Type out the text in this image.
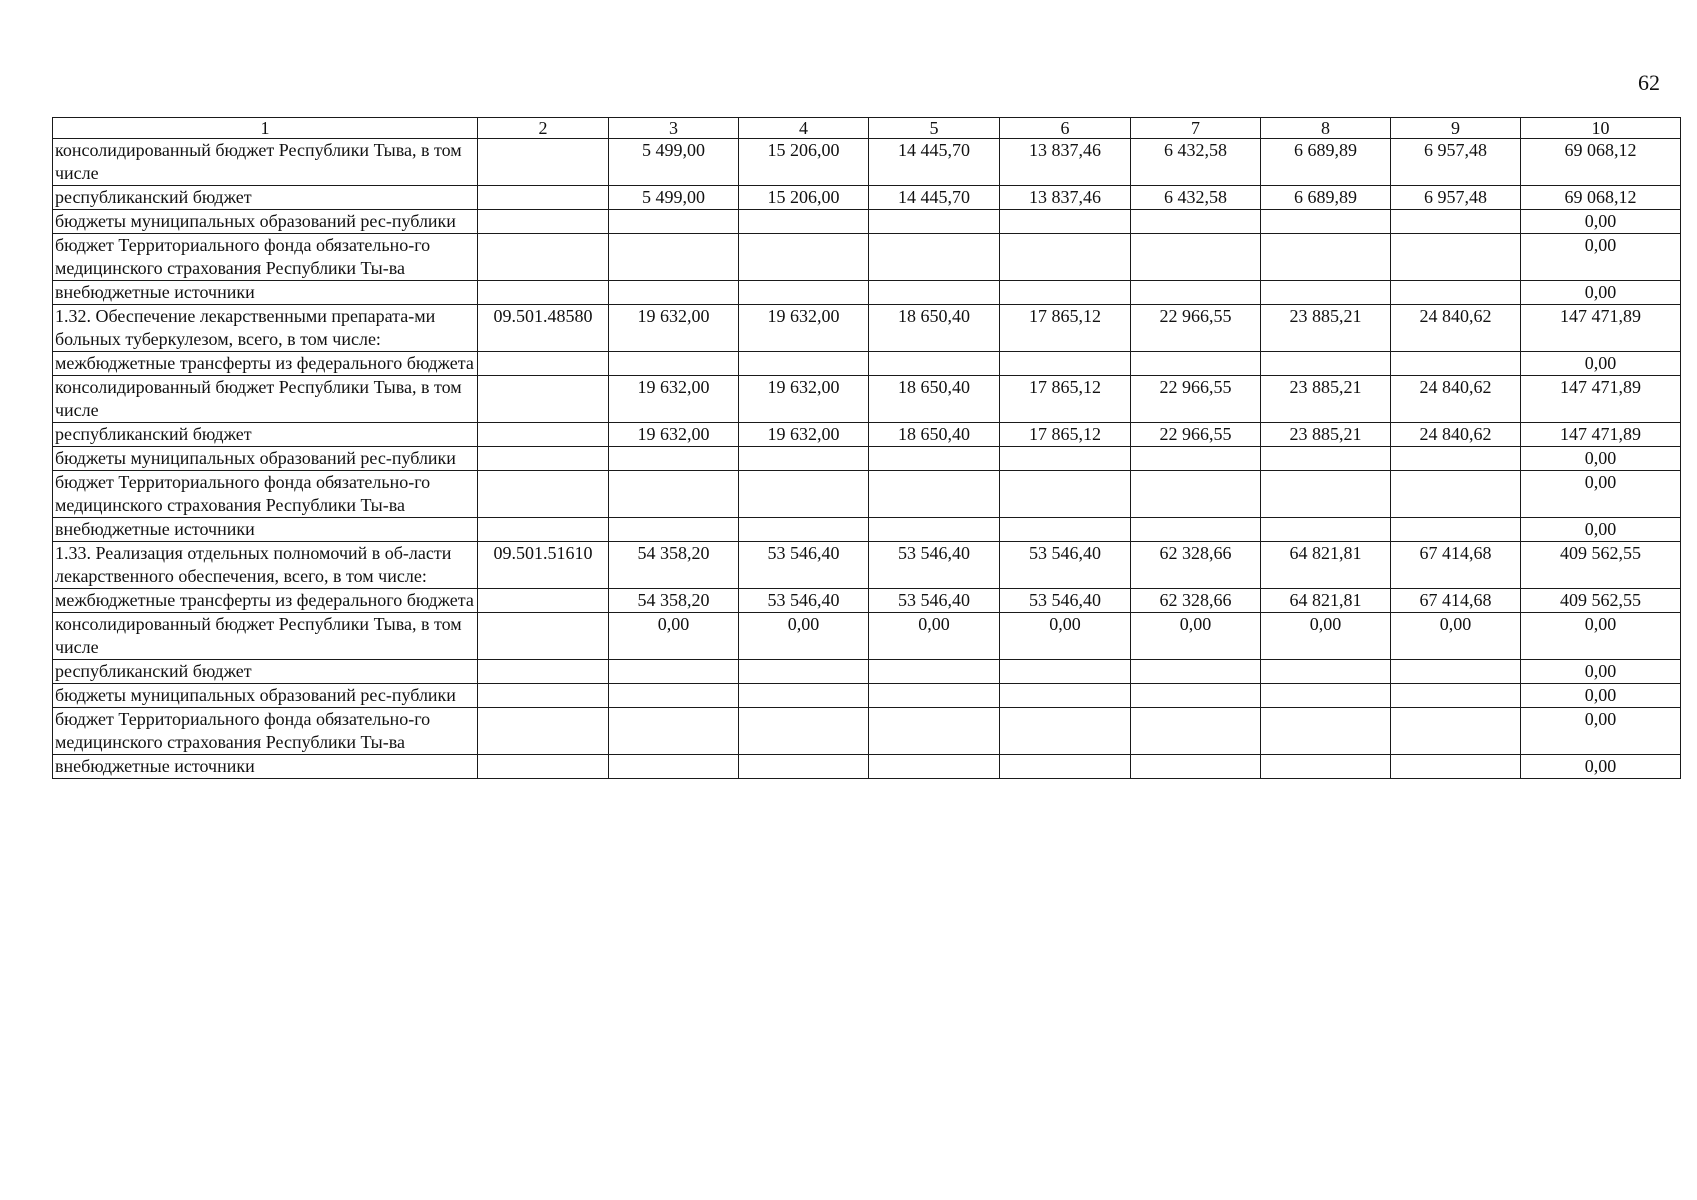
62
1	2	3	4	5	6	7	8	9	10
консолидированный бюджет Республики Тыва, в том числе		5 499,00	15 206,00	14 445,70	13 837,46	6 432,58	6 689,89	6 957,48	69 068,12
республиканский бюджет		5 499,00	15 206,00	14 445,70	13 837,46	6 432,58	6 689,89	6 957,48	69 068,12
бюджеты муниципальных образований рес-публики									0,00
бюджет Территориального фонда обязательно-го медицинского страхования Республики Ты-ва									0,00
внебюджетные источники									0,00
1.32. Обеспечение лекарственными препарата-ми больных туберкулезом, всего, в том числе:	09.501.48580	19 632,00	19 632,00	18 650,40	17 865,12	22 966,55	23 885,21	24 840,62	147 471,89
межбюджетные трансферты из федерального бюджета									0,00
консолидированный бюджет Республики Тыва, в том числе		19 632,00	19 632,00	18 650,40	17 865,12	22 966,55	23 885,21	24 840,62	147 471,89
республиканский бюджет		19 632,00	19 632,00	18 650,40	17 865,12	22 966,55	23 885,21	24 840,62	147 471,89
бюджеты муниципальных образований рес-публики									0,00
бюджет Территориального фонда обязательно-го медицинского страхования Республики Ты-ва									0,00
внебюджетные источники									0,00
1.33. Реализация отдельных полномочий в об-ласти лекарственного обеспечения, всего, в том числе:	09.501.51610	54 358,20	53 546,40	53 546,40	53 546,40	62 328,66	64 821,81	67 414,68	409 562,55
межбюджетные трансферты из федерального бюджета		54 358,20	53 546,40	53 546,40	53 546,40	62 328,66	64 821,81	67 414,68	409 562,55
консолидированный бюджет Республики Тыва, в том числе		0,00	0,00	0,00	0,00	0,00	0,00	0,00	0,00
республиканский бюджет									0,00
бюджеты муниципальных образований рес-публики									0,00
бюджет Территориального фонда обязательно-го медицинского страхования Республики Ты-ва									0,00
внебюджетные источники									0,00
